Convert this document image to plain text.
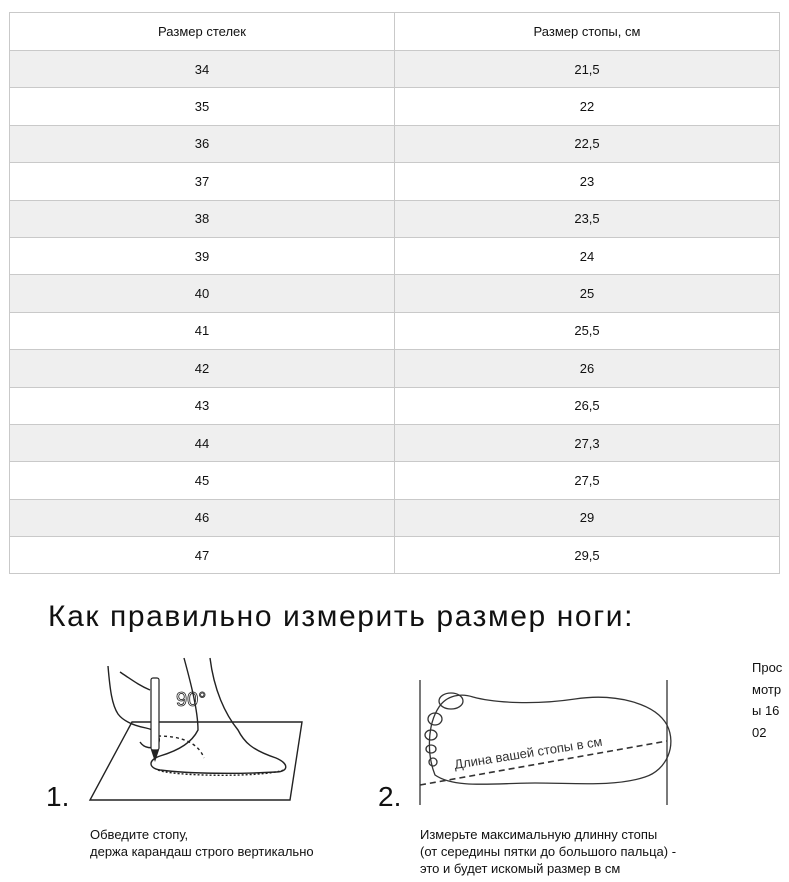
Размер стелек	Размер стопы, см
34	21,5
35	22
36	22,5
37	23
38	23,5
39	24
40	25
41	25,5
42	26
43	26,5
44	27,3
45	27,5
46	29
47	29,5
Как правильно измерить размер ноги:
90°
1.
Обведите стопу,
держа карандаш строго вертикально
Длина вашей стопы в см
2.
Измерьте максимальную длинну стопы
(от середины пятки до большого пальца) -
это и будет искомый размер в см
Просмотры 1602
